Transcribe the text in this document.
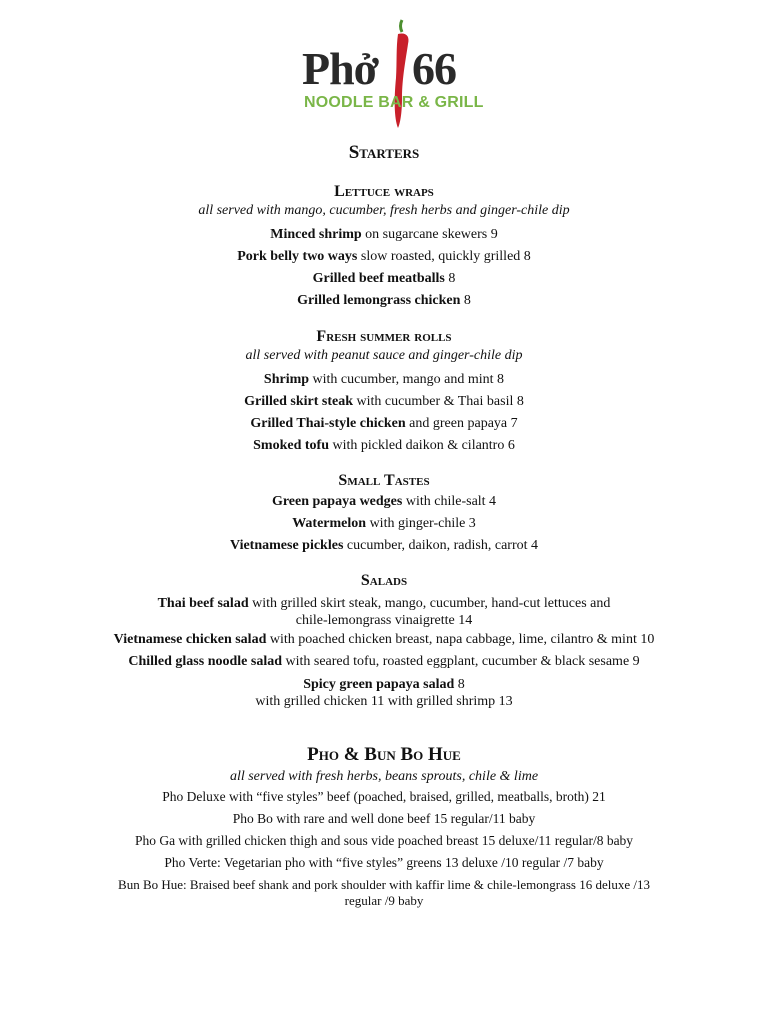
Phở 66
NOODLE BAR & GRILL

Starters

Lettuce wraps

all served with mango, cucumber, fresh herbs and ginger-chile dip

Minced shrimp on sugarcane skewers 9

Pork belly two ways slow roasted, quickly grilled 8

Grilled beef meatballs 8

Grilled lemongrass chicken 8

Fresh summer rolls

all served with peanut sauce and ginger-chile dip

Shrimp with cucumber, mango and mint 8

Grilled skirt steak with cucumber & Thai basil 8

Grilled Thai-style chicken and green papaya 7

Smoked tofu with pickled daikon & cilantro 6

Small Tastes

Green papaya wedges with chile-salt 4

Watermelon with ginger-chile 3

Vietnamese pickles cucumber, daikon, radish, carrot 4

Salads

Thai beef salad with grilled skirt steak, mango, cucumber, hand-cut lettuces and

chile-lemongrass vinaigrette 14

Vietnamese chicken salad with poached chicken breast, napa cabbage, lime, cilantro & mint 10

Chilled glass noodle salad with seared tofu, roasted eggplant, cucumber & black sesame 9

Spicy green papaya salad 8

with grilled chicken 11 with grilled shrimp 13

Pho & Bun Bo Hue

all served with fresh herbs, beans sprouts, chile & lime

Pho Deluxe with “five styles” beef (poached, braised, grilled, meatballs, broth) 21

Pho Bo with rare and well done beef 15 regular/11 baby

Pho Ga with grilled chicken thigh and sous vide poached breast 15 deluxe/11 regular/8 baby

Pho Verte: Vegetarian pho with “five styles” greens 13 deluxe /10 regular /7 baby

Bun Bo Hue: Braised beef shank and pork shoulder with kaffir lime & chile-lemongrass 16 deluxe /13

regular /9 baby
